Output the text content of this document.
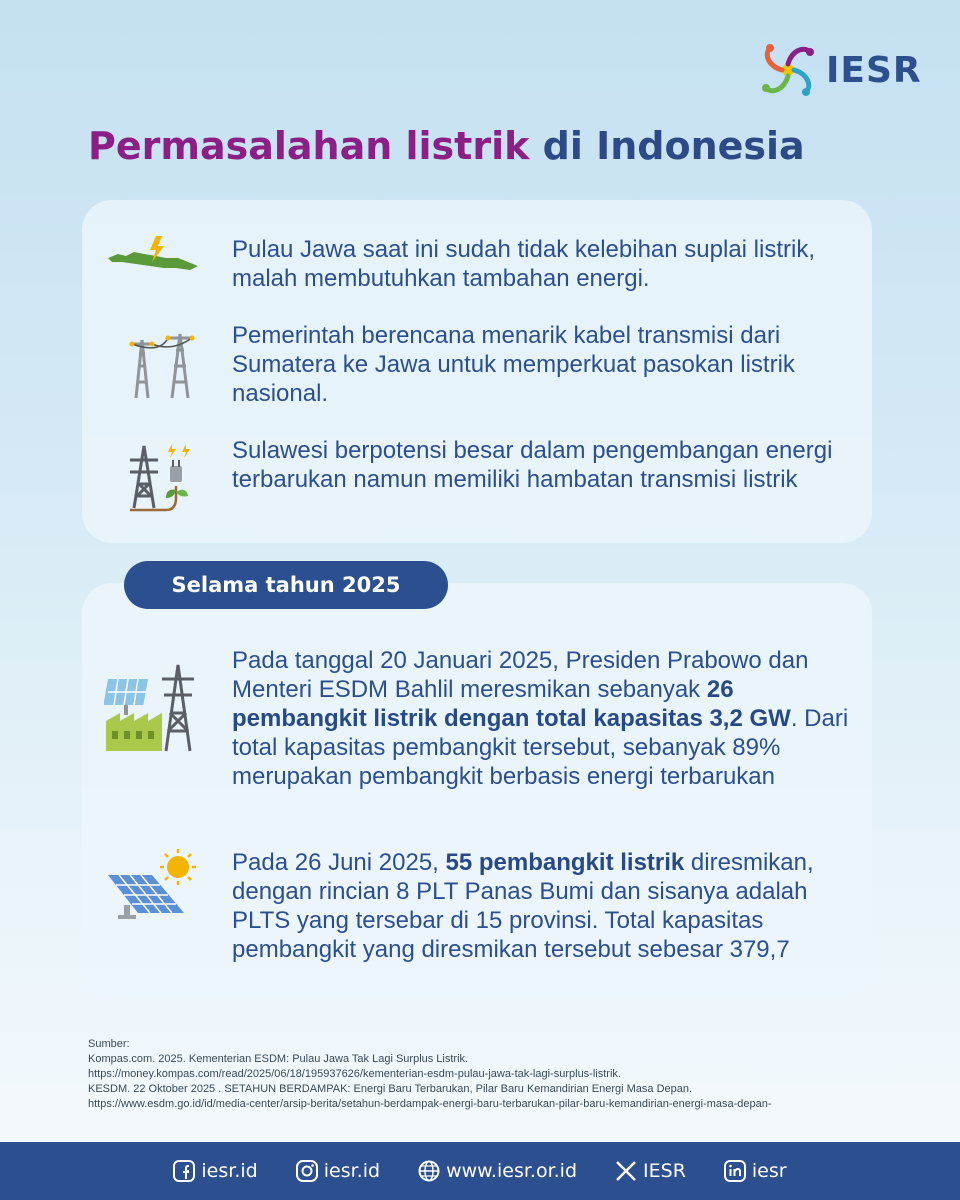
IESR
Permasalahan listrik di Indonesia
Pulau Jawa saat ini sudah tidak kelebihan suplai listrik, malah membutuhkan tambahan energi.
Pemerintah berencana menarik kabel transmisi dari Sumatera ke Jawa untuk memperkuat pasokan listrik nasional.
Sulawesi berpotensi besar dalam pengembangan energi terbarukan namun memiliki hambatan transmisi listrik
Pada tanggal 20 Januari 2025, Presiden Prabowo dan Menteri ESDM Bahlil meresmikan sebanyak 26 pembangkit listrik dengan total kapasitas 3,2 GW. Dari total kapasitas pembangkit tersebut, sebanyak 89% merupakan pembangkit berbasis energi terbarukan
Pada 26 Juni 2025, 55 pembangkit listrik diresmikan, dengan rincian 8 PLT Panas Bumi dan sisanya adalah PLTS yang tersebar di 15 provinsi. Total kapasitas pembangkit yang diresmikan tersebut sebesar 379,7
Selama tahun 2025
Sumber:
Kompas.com. 2025. Kementerian ESDM: Pulau Jawa Tak Lagi Surplus Listrik.
https://money.kompas.com/read/2025/06/18/195937626/kementerian-esdm-pulau-jawa-tak-lagi-surplus-listrik.
KESDM. 22 Oktober 2025 . SETAHUN BERDAMPAK: Energi Baru Terbarukan, Pilar Baru Kemandirian Energi Masa Depan.
https://www.esdm.go.id/id/media-center/arsip-berita/setahun-berdampak-energi-baru-terbarukan-pilar-baru-kemandirian-energi-masa-depan-
iesr.id	iesr.id	www.iesr.or.id	IESR	iesr
